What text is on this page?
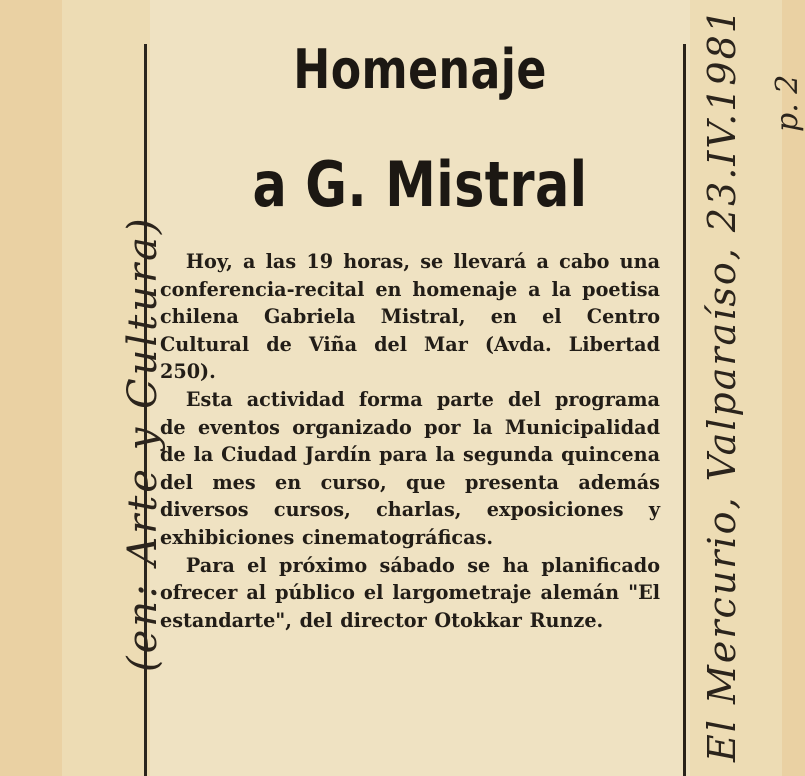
Homenaje
a G. Mistral

Hoy, a las 19 horas, se llevará a cabo una conferencia-recital en homenaje a la poetisa chilena Gabriela Mistral, en el Centro Cultural de Viña del Mar (Avda. Libertad 250).

Esta actividad forma parte del programa de eventos organizado por la Municipalidad de la Ciudad Jardín para la segunda quincena del mes en curso, que presenta además diversos cursos, charlas, exposiciones y exhibiciones cinematográficas.

Para el próximo sábado se ha planificado ofrecer al público el largometraje alemán "El estandarte", del director Otokkar Runze.

(en: Arte y Cultura)	El Mercurio, Valparaíso, 23.IV.1981 p. 2
